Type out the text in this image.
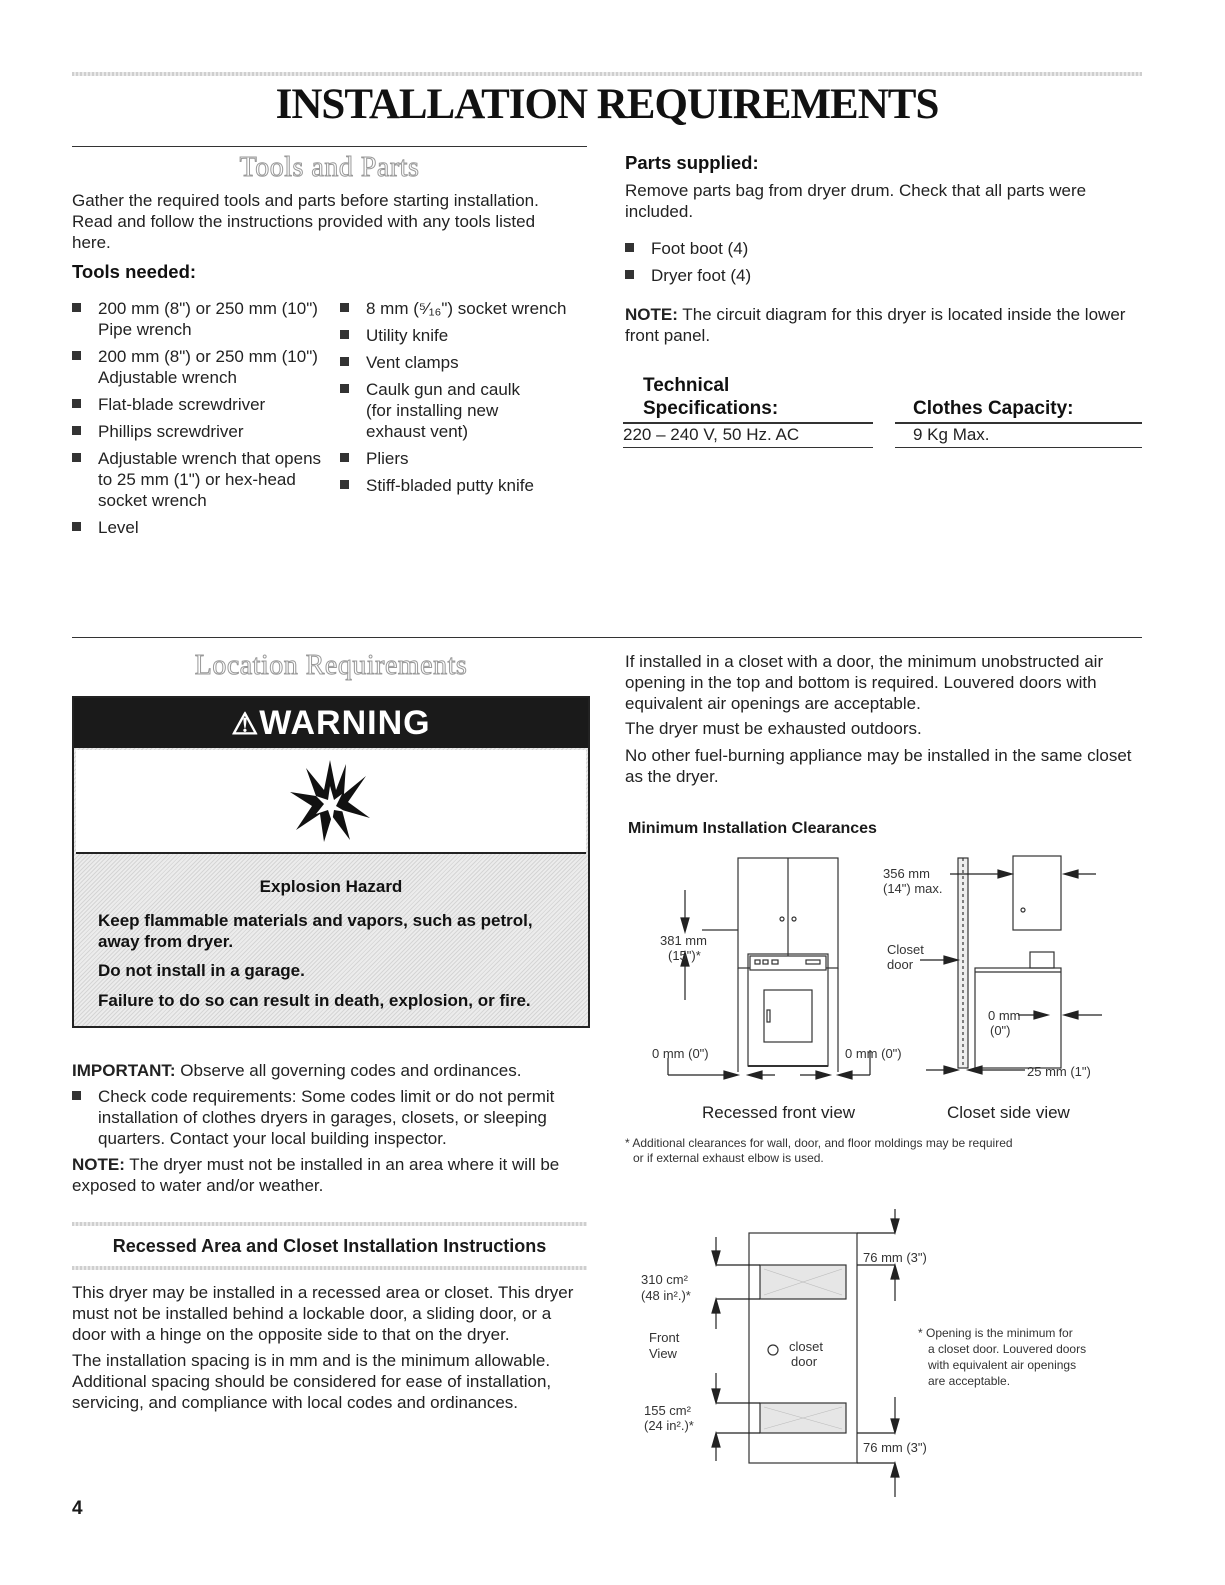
INSTALLATION REQUIREMENTS
Tools and Parts
Gather the required tools and parts before starting installation. Read and follow the instructions provided with any tools listed here.
Tools needed:
200 mm (8") or 250 mm (10") Pipe wrench
200 mm (8") or 250 mm (10") Adjustable wrench
Flat-blade screwdriver
Phillips screwdriver
Adjustable wrench that opens to 25 mm (1") or hex-head socket wrench
Level
8 mm (⁵⁄₁₆") socket wrench
Utility knife
Vent clamps
Caulk gun and caulk (for installing new exhaust vent)
Pliers
Stiff-bladed putty knife
Parts supplied:
Remove parts bag from dryer drum. Check that all parts were included.
Foot boot (4)
Dryer foot (4)
NOTE: The circuit diagram for this dryer is located inside the lower front panel.
Technical
Specifications:
220 – 240 V, 50 Hz. AC
Clothes Capacity:
9 Kg Max.
Location Requirements
⚠WARNING
Explosion Hazard
Keep flammable materials and vapors, such as petrol, away from dryer.
Do not install in a garage.
Failure to do so can result in death, explosion, or fire.
IMPORTANT: Observe all governing codes and ordinances.
Check code requirements: Some codes limit or do not permit installation of clothes dryers in garages, closets, or sleeping quarters. Contact your local building inspector.
NOTE: The dryer must not be installed in an area where it will be exposed to water and/or weather.
If installed in a closet with a door, the minimum unobstructed air opening in the top and bottom is required. Louvered doors with equivalent air openings are acceptable.
The dryer must be exhausted outdoors.
No other fuel-burning appliance may be installed in the same closet as the dryer.
Minimum Installation Clearances
381 mm
(15")*
0 mm (0")	0 mm (0")
356 mm
(14") max.
Closet
door
0 mm
(0")
25 mm (1")
Recessed front view	Closet side view
* Additional clearances for wall, door, and floor moldings may be required
or if external exhaust elbow is used.
Recessed Area and Closet Installation Instructions
This dryer may be installed in a recessed area or closet. This dryer must not be installed behind a lockable door, a sliding door, or a door with a hinge on the opposite side to that on the dryer.
The installation spacing is in mm and is the minimum allowable. Additional spacing should be considered for ease of installation, servicing, and compliance with local codes and ordinances.
310 cm²
(48 in².)*
Front
View
155 cm²
(24 in².)*
76 mm (3")
76 mm (3")
closet
door
* Opening is the minimum for
a closet door. Louvered doors
with equivalent air openings
are acceptable.
4
